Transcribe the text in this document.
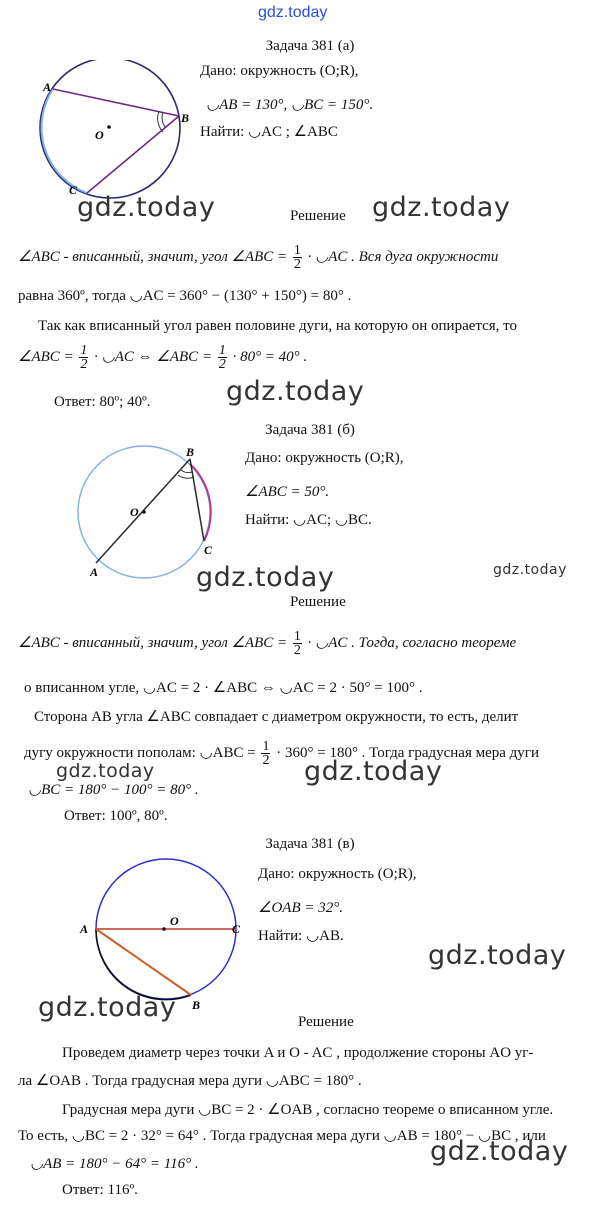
gdz.today
Задача 381 (а)
A
B
C
O
Дано: окружность (O;R),
◡AB = 130°, ◡BC = 150°.
Найти: ◡AC ; ∠ABC
gdz.today	Решение gdz.today
∠ABC - вписанный, значит, угол ∠ABC = $\frac{1}{2}$ · ◡AC . Вся дуга окружности
равна 360º, тогда ◡AC = 360° − (130° + 150°) = 80° .
Так как вписанный угол равен половине дуги, на которую он опирается, то
∠ABC = $\frac{1}{2}$ · ◡AC ⇔ ∠ABC = $\frac{1}{2} \cdot 80^\circ = 40^\circ$ .
gdz.today
Ответ: 80º; 40º.
Задача 381 (б)
B
O
A
C
Дано: окружность (O;R),
∠ABC = 50°.
Найти: ◡AC; ◡BC.
gdz.today	gdz.today
Решение
∠ABC - вписанный, значит, угол ∠ABC = $\frac{1}{2}$ · ◡AC . Тогда, согласно теореме
о вписанном угле, ◡AC = 2 · ∠ABC ⇔ ◡AC = 2 · 50° = 100° .
Сторона AB угла ∠ABC совпадает с диаметром окружности, то есть, делит
дугу окружности пополам: ◡ABC = $\frac{1}{2} \cdot 360^\circ = 180^\circ$ . Тогда градусная мера дуги
gdz.today	gdz.today
◡BC = 180° − 100° = 80° .
Ответ: 100º, 80º.
Задача 381 (в)
A
O
C
B
Дано: окружность (O;R),
∠OAB = 32°.
Найти: ◡AB.
gdz.today
gdz.today	Решение
Проведем диаметр через точки A и O - AC , продолжение стороны AO уг-
ла ∠OAB . Тогда градусная мера дуги ◡ABC = 180° .
Градусная мера дуги ◡BC = 2 · ∠OAB , согласно теореме о вписанном угле.
То есть, ◡BC = 2 · 32° = 64° . Тогда градусная мера дуги ◡AB = 180° − ◡BC , или
gdz.today
◡AB = 180° − 64° = 116° .
Ответ: 116º.
